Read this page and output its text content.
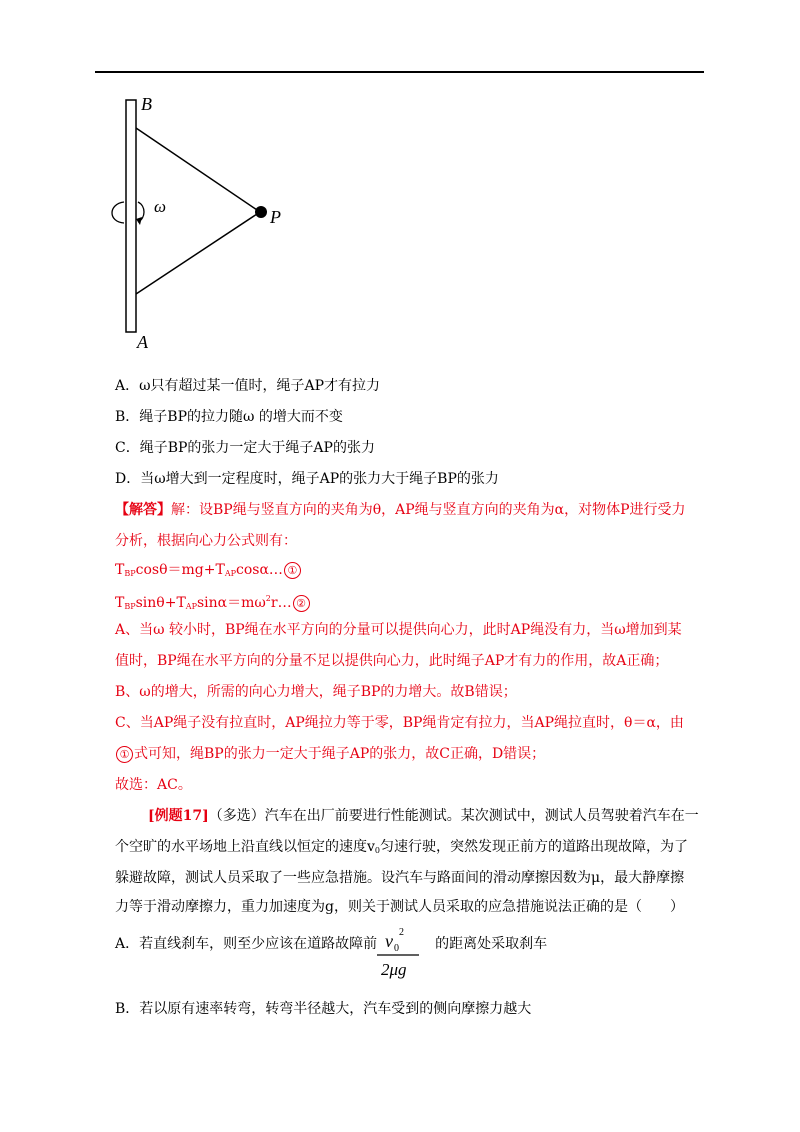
B
A
P
ω
A．ω只有超过某一值时，绳子AP才有拉力
B．绳子BP的拉力随ω 的增大而不变
C．绳子BP的张力一定大于绳子AP的张力
D．当ω增大到一定程度时，绳子AP的张力大于绳子BP的张力
【解答】解：设BP绳与竖直方向的夹角为θ，AP绳与竖直方向的夹角为α，对物体P进行受力
分析，根据向心力公式则有：
$T_{BP}\cos\theta=mg+T_{AP}\cos\alpha\dots$ ①
$T_{BP}\sin\theta+T_{AP}\sin\alpha=m\omega^2r\dots$ ②
A、当ω 较小时，BP绳在水平方向的分量可以提供向心力，此时AP绳没有力，当ω增加到某
值时，BP绳在水平方向的分量不足以提供向心力，此时绳子AP才有力的作用，故A正确；
B、ω的增大，所需的向心力增大，绳子BP的力增大。故B错误；
C、当AP绳子没有拉直时，AP绳拉力等于零，BP绳肯定有拉力，当AP绳拉直时，θ＝α，由
① 式可知，绳BP的张力一定大于绳子AP的张力，故C正确，D错误；
故选：AC。
[例题17]（多选）汽车在出厂前要进行性能测试。某次测试中，测试人员驾驶着汽车在一
个空旷的水平场地上沿直线以恒定的速度$v_0$匀速行驶，突然发现正前方的道路出现故障，为了
躲避故障，测试人员采取了一些应急措施。设汽车与路面间的滑动摩擦因数为μ，最大静摩擦
力等于滑动摩擦力，重力加速度为g，则关于测试人员采取的应急措施说法正确的是（　　）
A．若直线刹车，则至少应该在道路故障前	的距离处采取刹车
v 0
2
2μg
B．若以原有速率转弯，转弯半径越大，汽车受到的侧向摩擦力越大
